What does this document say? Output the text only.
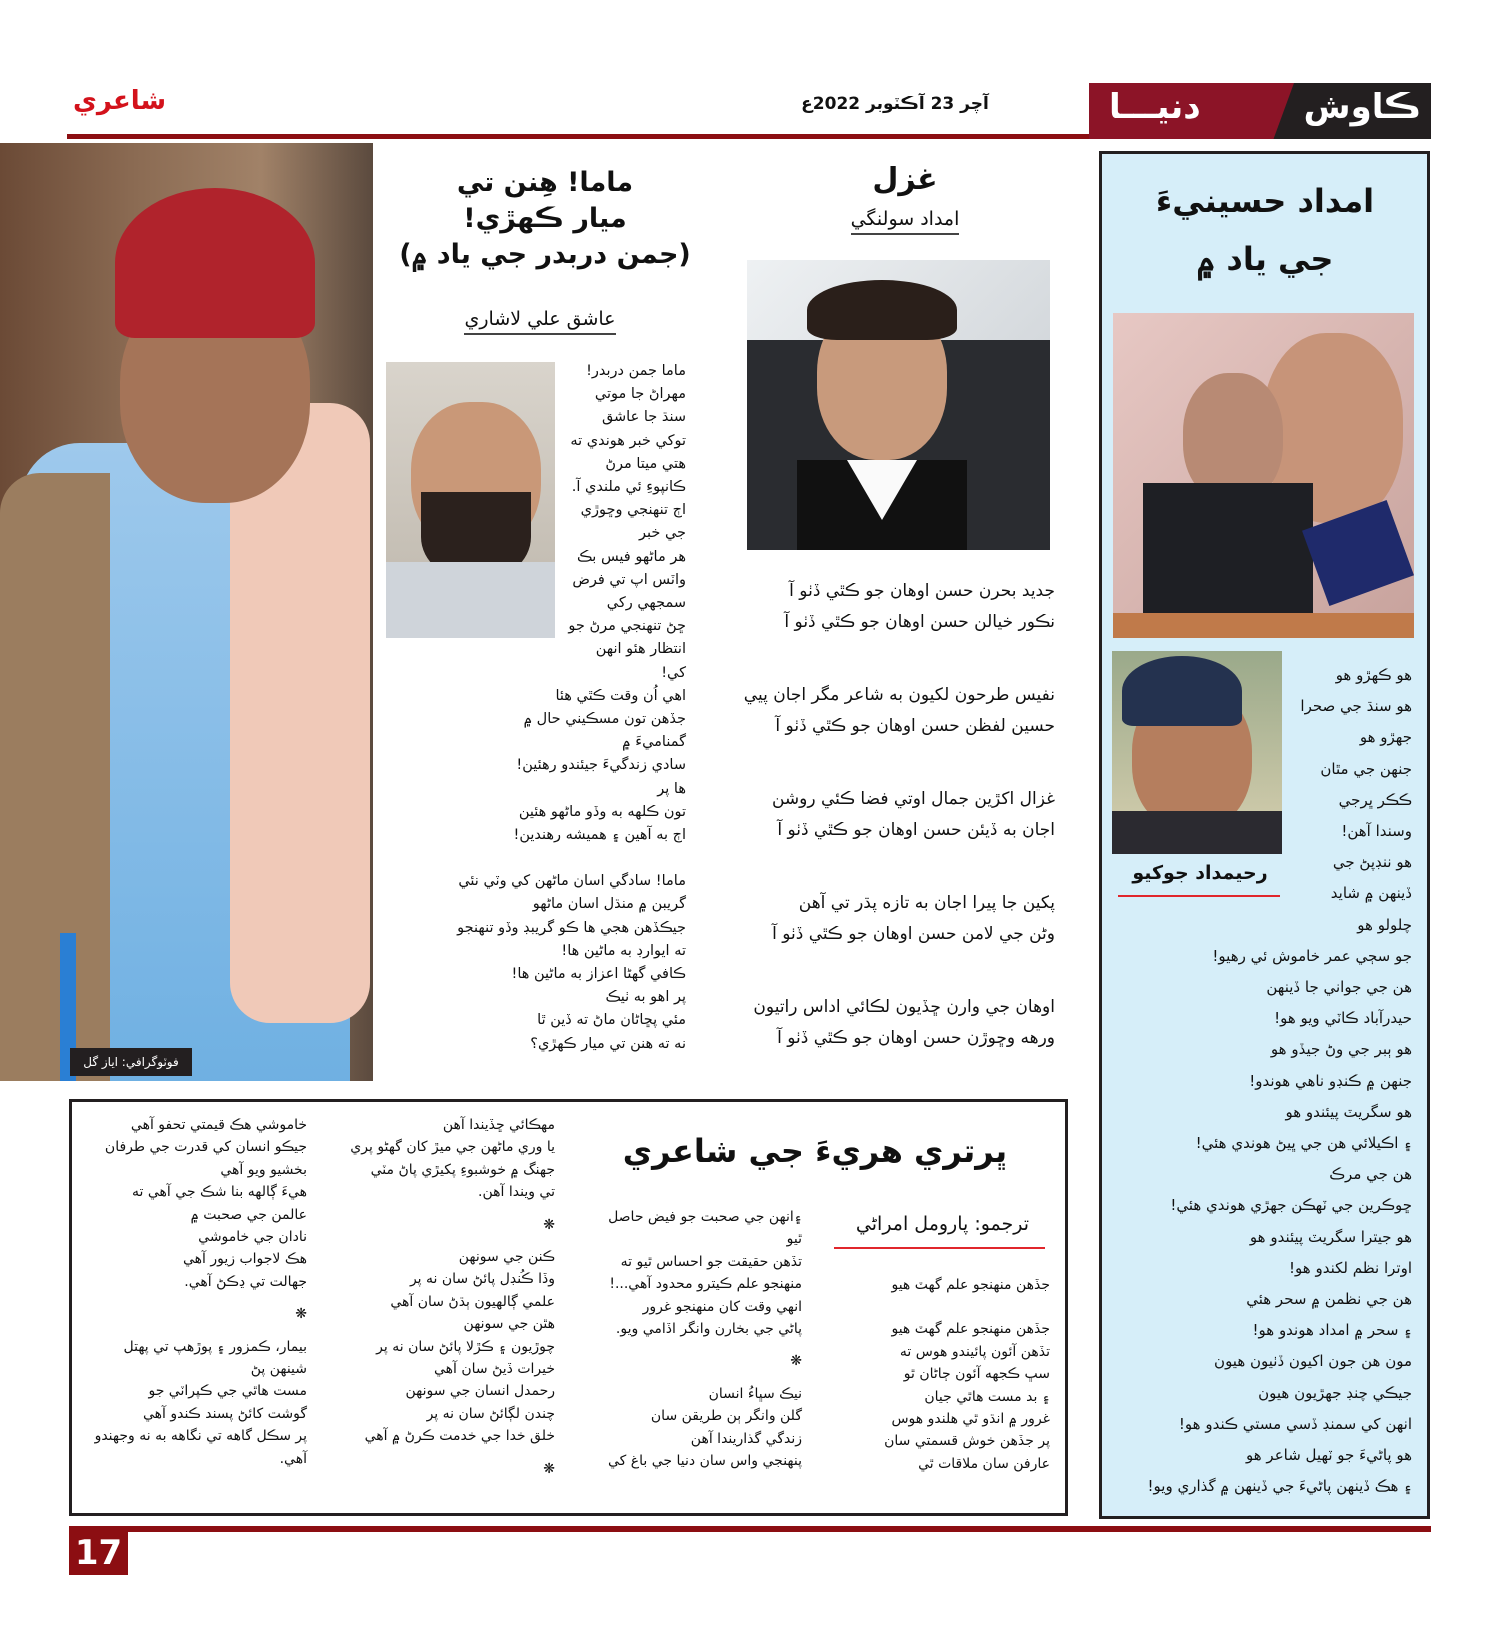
شاعري	آچر 23 آڪٽوبر 2022ع	دنيـــا	ڪاوش
فوٽوگرافي: اياز گل
ماما! هِنن تي
ميار ڪهڙي!
(جمن دربدر جي ياد ۾)
عاشق علي لاشاري
ماما جمن دربدر!
مهراڻ جا موتي
سنڌ جا عاشق
توکي خبر هوندي ته
هتي ميتا مرڻ
ڪانپوءِ ئي ملندي آ.
اڄ تنهنجي وڇوڙي
جي خبر
هر ماڻهو فيس بڪ
واٽس اپ تي فرض
سمجهي رکي
ڇڻ تنهنجي مرڻ جو
انتظار هئو انهن
کي!
اهي اُن وقت ڪٿي هئا
جڏهن تون مسڪيني حال ۾
گمناميءَ ۾
سادي زندگيءَ جيئندو رهئين!
ها پر
تون ڪلهه به وڏو ماڻهو هئين
اڄ به آهين ۽ هميشه رهندين!
ماما! سادگي اسان ماڻهن کي وٽي نئي
گريبن ۾ منڌل اسان ماڻهو
جيڪڏهن هجي ها ڪو گريبڊ وڏو تنهنجو
ته ايوارڊ به ماڻين ها!
ڪافي گهڻا اعزاز به ماڻين ها!
پر اهو به ٺيڪ
مئي پڇاڻان ماڻ ته ڏين ٿا
نه ته هنن تي ميار ڪهڙي؟
غزل
امداد سولنگي
جديد بحرن حسن اوهان جو ڪٿي ڏٺو آ
نڪور خيالن حسن اوهان جو ڪٿي ڏٺو آ
نفيس طرحون لکيون به شاعر مگر اجان پيي
حسين لفظن حسن اوهان جو ڪٿي ڏٺو آ
غزال اکڙين جمال اوتي فضا ڪئي روشن
اجان به ڏيئن حسن اوهان جو ڪٿي ڏٺو آ
پکين جا پيرا اجان به تازه پڌر تي آهن
وڻن جي لامن حسن اوهان جو ڪٿي ڏٺو آ
اوهان جي وارن ڇڏيون لڪائي اداس راتيون
ورهه وڇوڙن حسن اوهان جو ڪٿي ڏٺو آ
امداد حسينيءَ
جي ياد ۾
رحيمداد جوکيو
هو ڪهڙو هو
هو سنڌ جي صحرا
جهڙو هو
جنهن جي مٿان
ڪڪر ڀرجي
وسندا آهن!
هو ننڊپڻ جي
ڏينهن ۾ شايد
چلولو هو
جو سڄي عمر خاموش ئي رهيو!
هن جي جواني جا ڏينهن
حيدرآباد ڪاٽي ويو هو!
هو ٻبر جي وڻ جيڏو هو
جنهن ۾ ڪنڊو ناهي هوندو!
هو سگريٽ پيئندو هو
۽ اڪيلائي هن جي ڀيڻ هوندي هئي!
هن جي مرڪ
ڇوڪرين جي ٽهڪن جهڙي هوندي هئي!
هو جيترا سگريٽ پيئندو هو
اوترا نظم لکندو هو!
هن جي نظمن ۾ سحر هئي
۽ سحر ۾ امداد هوندو هو!
مون هن جون اکيون ڏٺيون هيون
جيڪي چنڊ جهڙيون هيون
انهن کي سمنڊ ڏسي مستي ڪندو هو!
هو پاڻيءَ جو ٽهيل شاعر هو
۽ هڪ ڏينهن پاڻيءَ جي ڏينهن ۾ گذاري ويو!
ڀرتري هريءَ جي شاعري
ترجمو: پارومل امراڻي
جڏهن منهنجو علم گهٽ هيو
جڏهن منهنجو علم گهٽ هيو
تڏهن آئون پائيندو هوس ته
سڀ ڪجهه آئون ڄاڻان ٿو
۽ بد مست هاٿي جيان
غرور ۾ انڌو ٿي هلندو هوس
پر جڏهن خوش قسمتي سان
عارفن سان ملاقات ٿي
۽انهن جي صحبت جو فيض حاصل
ٿيو
تڏهن حقيقت جو احساس ٿيو ته
منهنجو علم ڪيترو محدود آهي...!
انهي وقت کان منهنجو غرور
پاڻي جي بخارن وانگر اڏامي ويو.
❋
نيڪ سڀاءُ انسان
گلن وانگر ٻن طريقن سان
زندگي گذاريندا آهن
پنهنجي واس سان دنيا جي باغ کي
مهڪائي ڇڏيندا آهن
يا وري ماڻهن جي ميڙ کان گهڻو پري
جهنگ ۾ خوشبوءِ پکيڙي پاڻ مٽي
تي ويندا آهن.
❋
ڪنن جي سونهن
وڏا ڪُنڊل پائڻ سان نه پر
علمي ڳالهيون ٻڌڻ سان آهي
هٿن جي سونهن
چوڙيون ۽ ڪڙلا پائڻ سان نه پر
خيرات ڏيڻ سان آهي
رحمدل انسان جي سونهن
چندن لڳائڻ سان نه پر
خلق خدا جي خدمت ڪرڻ ۾ آهي
❋
خاموشي هڪ قيمتي تحفو آهي
جيڪو انسان کي قدرت جي طرفان
بخشيو ويو آهي
هيءَ ڳالهه بنا شڪ جي آهي ته
عالمن جي صحبت ۾
نادان جي خاموشي
هڪ لاجواب زيور آهي
جهالت تي ڍڪڻ آهي.
❋
بيمار، ڪمزور ۽ پوڙهپ تي پهتل
شينهن پڻ
مست هاٿي جي ڪپراٽي جو
گوشت کائڻ پسند ڪندو آهي
پر سڪل گاهه تي نگاهه به نه وجهندو
آهي.
17
